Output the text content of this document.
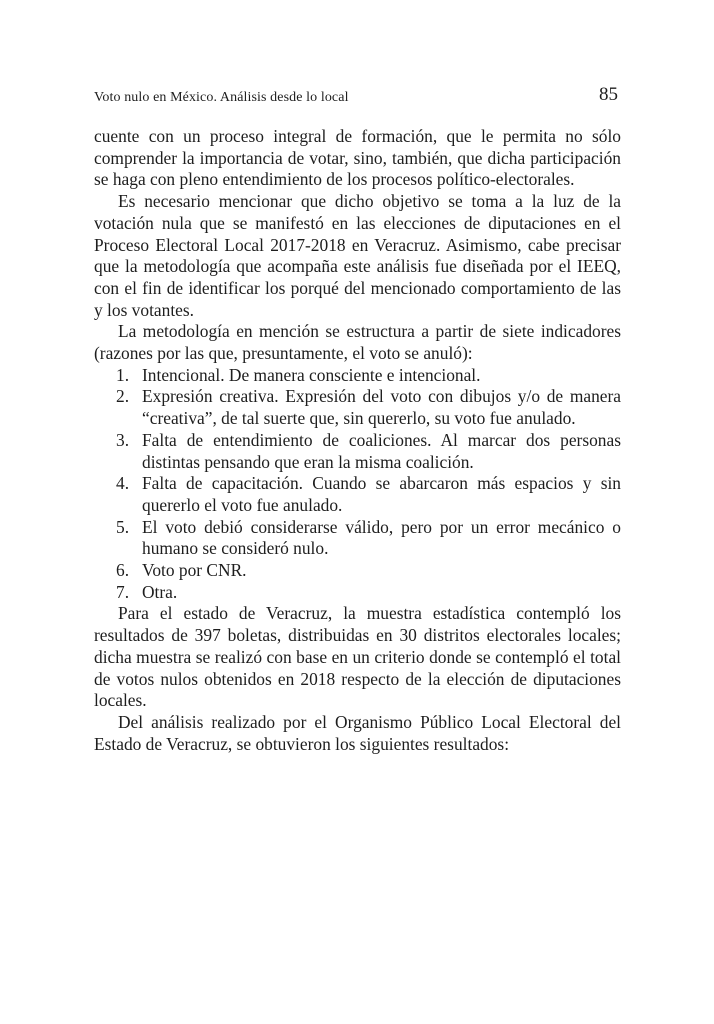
Voto nulo en México. Análisis desde lo local	85

cuente con un proceso integral de formación, que le permita no sólo comprender la importancia de votar, sino, también, que dicha participación se haga con pleno entendimiento de los procesos político-electorales.

Es necesario mencionar que dicho objetivo se toma a la luz de la votación nula que se manifestó en las elecciones de diputaciones en el Proceso Electoral Local 2017-2018 en Veracruz. Asimismo, cabe precisar que la metodología que acompaña este análisis fue diseñada por el IEEQ, con el fin de identificar los porqué del mencionado comportamiento de las y los votantes.

La metodología en mención se estructura a partir de siete indicadores (razones por las que, presuntamente, el voto se anuló):

1. Intencional. De manera consciente e intencional.
2. Expresión creativa. Expresión del voto con dibujos y/o de manera “creativa”, de tal suerte que, sin quererlo, su voto fue anulado.
3. Falta de entendimiento de coaliciones. Al marcar dos personas distintas pensando que eran la misma coalición.
4. Falta de capacitación. Cuando se abarcaron más espacios y sin quererlo el voto fue anulado.
5. El voto debió considerarse válido, pero por un error mecánico o humano se consideró nulo.
6. Voto por CNR.
7. Otra.

Para el estado de Veracruz, la muestra estadística contempló los resultados de 397 boletas, distribuidas en 30 distritos electorales locales; dicha muestra se realizó con base en un criterio donde se contempló el total de votos nulos obtenidos en 2018 respecto de la elección de diputaciones locales.

Del análisis realizado por el Organismo Público Local Electoral del Estado de Veracruz, se obtuvieron los siguientes resultados:
